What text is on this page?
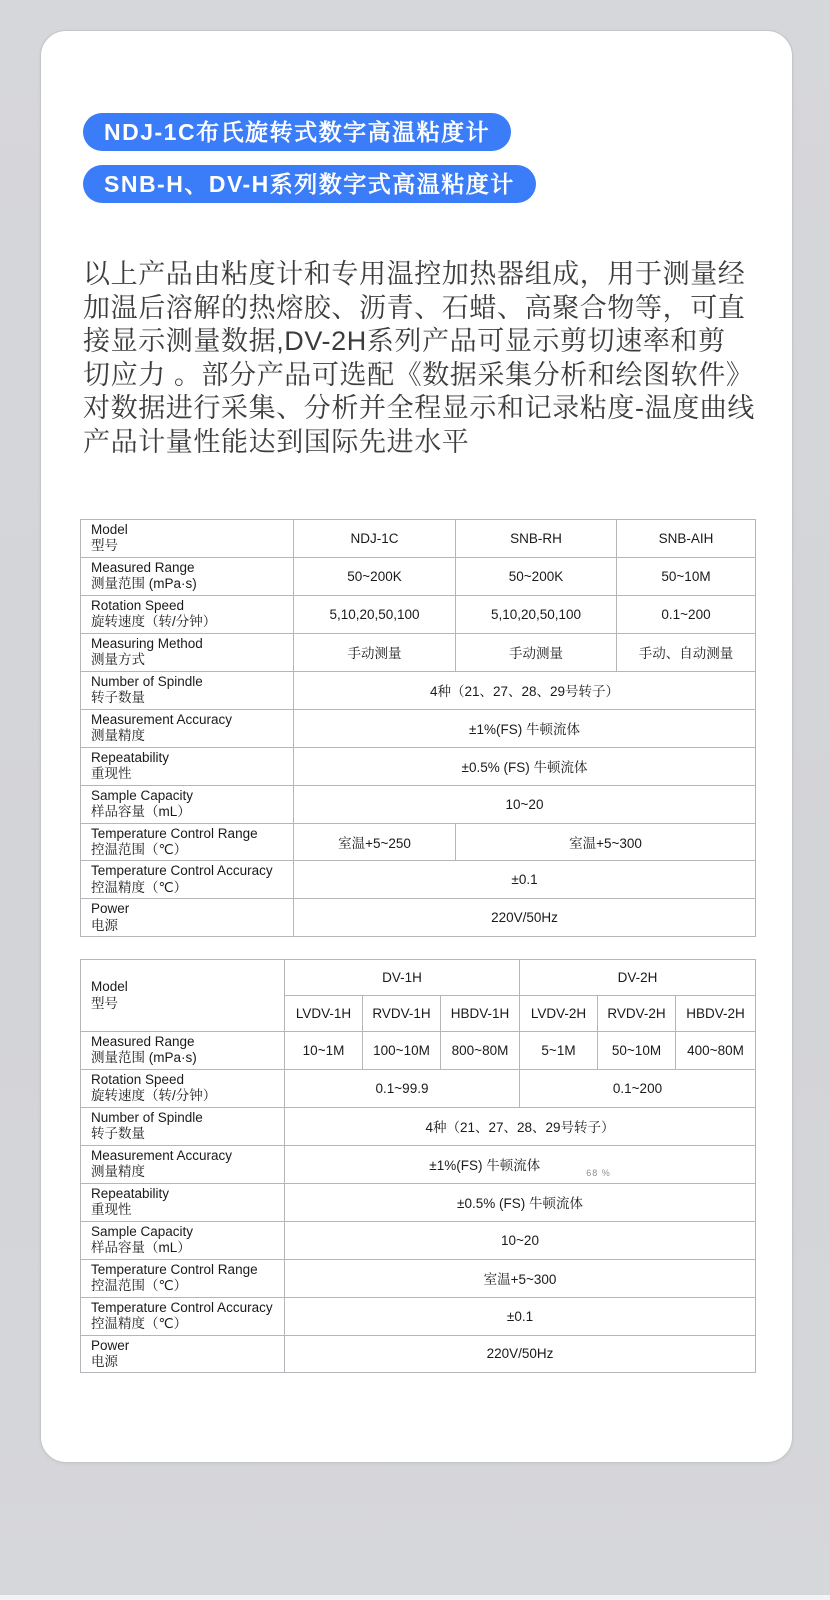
NDJ-1C布氏旋转式数字高温粘度计
SNB-H、DV-H系列数字式高温粘度计
以上产品由粘度计和专用温控加热器组成，用于测量经
加温后溶解的热熔胶、沥青、石蜡、高聚合物等，可直
接显示测量数据,DV-2H系列产品可显示剪切速率和剪
切应力 。部分产品可选配《数据采集分析和绘图软件》
对数据进行采集、分析并全程显示和记录粘度-温度曲线
产品计量性能达到国际先进水平
Model
型号	NDJ-1C	SNB-RH	SNB-AIH

Measured Range
测量范围 (mPa·s)	50~200K	50~200K	50~10M

Rotation Speed
旋转速度（转/分钟）	5,10,20,50,100	5,10,20,50,100	0.1~200

Measuring Method
测量方式	手动测量	手动测量	手动、自动测量

Number of Spindle
转子数量	4种（21、27、28、29号转子）		

Measurement Accuracy
测量精度	±1%(FS) 牛顿流体		

Repeatability
重现性	±0.5% (FS) 牛顿流体		

Sample Capacity
样品容量（mL）	10~20		

Temperature Control Range
控温范围（℃）	室温+5~250	室温+5~300	

Temperature Control Accuracy
控温精度（℃）	±0.1		

Power
电源	220V/50Hz		
Model
型号	DV-1H			DV-2H		
	LVDV-1H	RVDV-1H	HBDV-1H	LVDV-2H	RVDV-2H	HBDV-2H

Measured Range
测量范围 (mPa·s)	10~1M	100~10M	800~80M	5~1M	50~10M	400~80M

Rotation Speed
旋转速度（转/分钟）	0.1~99.9			0.1~200		

Number of Spindle
转子数量	4种（21、27、28、29号转子）					

Measurement Accuracy
测量精度	±1%(FS) 牛顿流体 $_{68 \%}$

Repeatability
重现性	±0.5% (FS) 牛顿流体					

Sample Capacity
样品容量（mL）	10~20					

Temperature Control Range
控温范围（℃）	室温+5~300					

Temperature Control Accuracy
控温精度（℃）	±0.1					

Power
电源	220V/50Hz					
